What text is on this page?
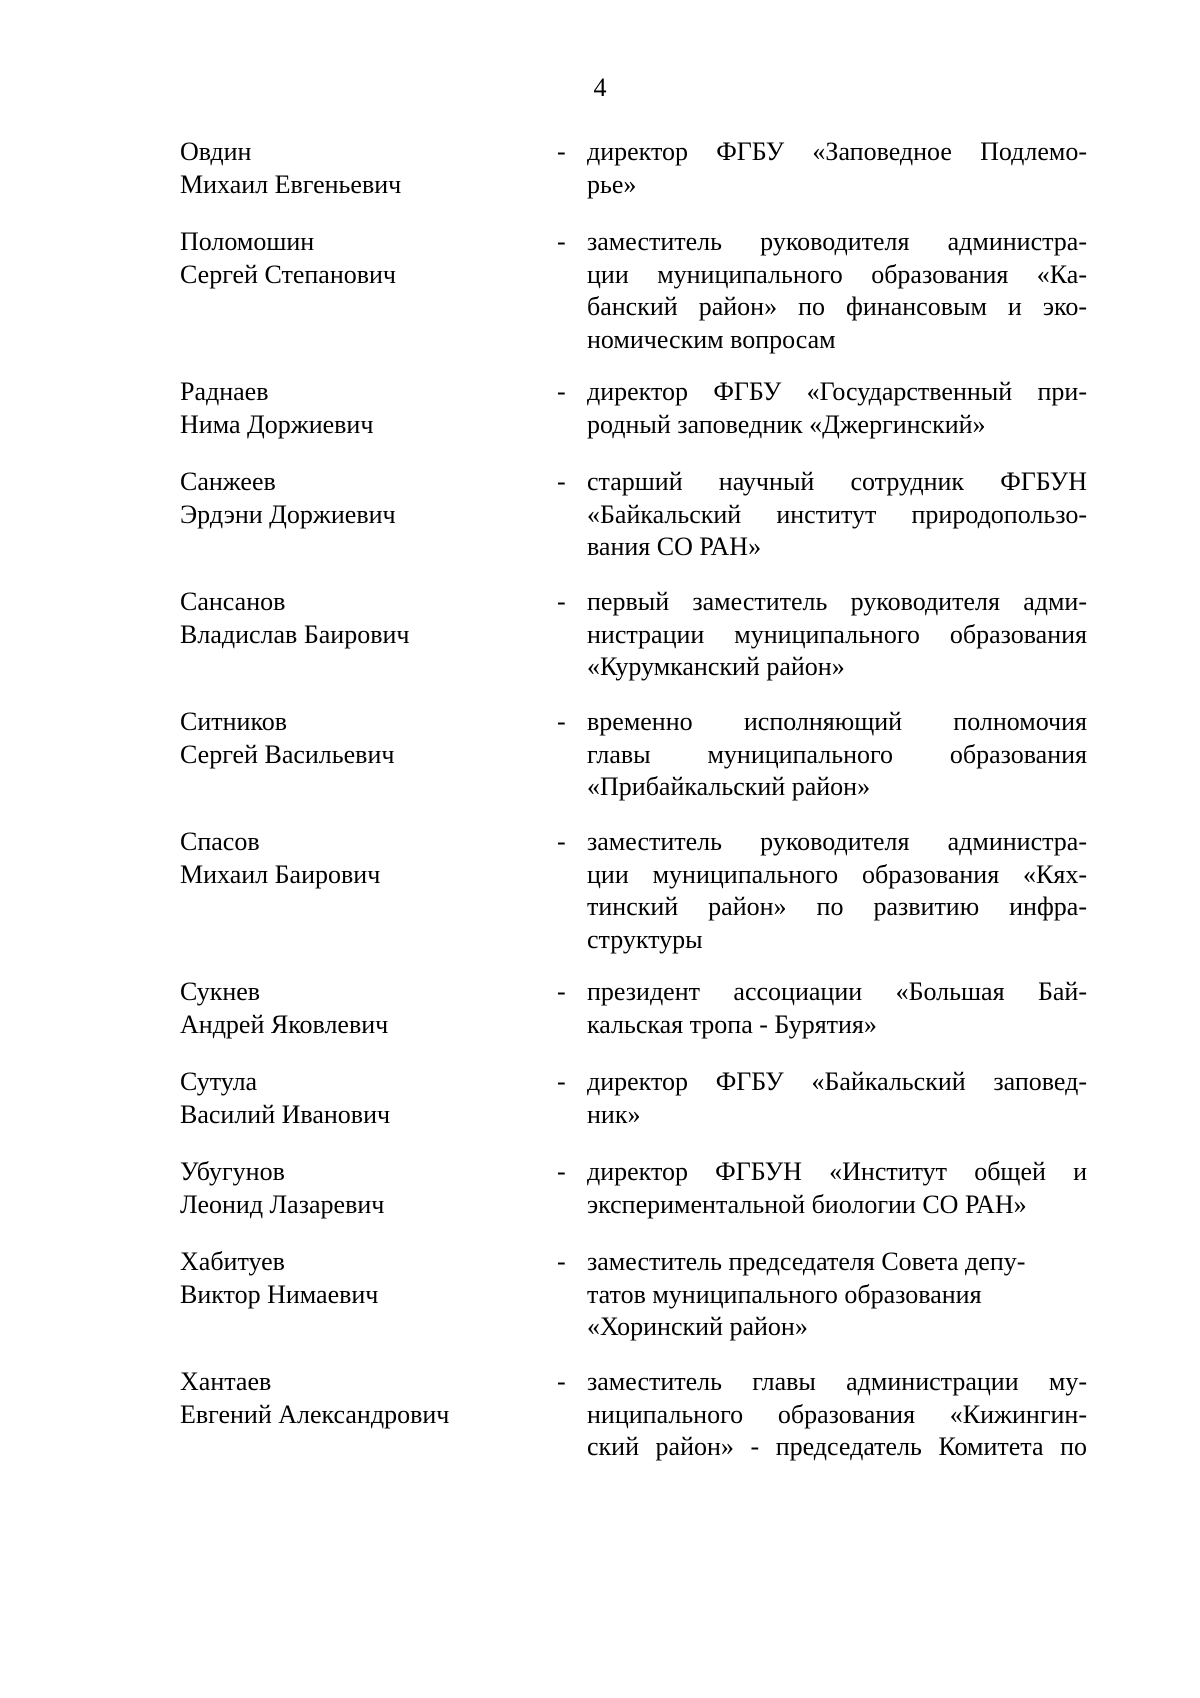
4
Овдин
Михаил Евгеньевич
- директор ФГБУ «Заповедное Подлемо-
рье»
Поломошин
Сергей Степанович
- заместитель руководителя администра-
ции муниципального образования «Ка-
банский район» по финансовым и эко-
номическим вопросам
Раднаев
Нима Доржиевич
- директор ФГБУ «Государственный при-
родный заповедник «Джергинский»
Санжеев
Эрдэни Доржиевич
- старший научный сотрудник ФГБУН
«Байкальский институт природопользо-
вания СО РАН»
Сансанов
Владислав Баирович
- первый заместитель руководителя адми-
нистрации муниципального образования
«Курумканский район»
Ситников
Сергей Васильевич
- временно исполняющий полномочия
главы муниципального образования
«Прибайкальский район»
Спасов
Михаил Баирович
- заместитель руководителя администра-
ции муниципального образования «Кях-
тинский район» по развитию инфра-
структуры
Сукнев
Андрей Яковлевич
- президент ассоциации «Большая Бай-
кальская тропа - Бурятия»
Сутула
Василий Иванович
- директор ФГБУ «Байкальский заповед-
ник»
Убугунов
Леонид Лазаревич
- директор ФГБУН «Институт общей и
экспериментальной биологии СО РАН»
Хабитуев
Виктор Нимаевич
- заместитель председателя Совета депу-
татов муниципального образования
«Хоринский район»
Хантаев
Евгений Александрович
- заместитель главы администрации му-
ниципального образования «Кижингин-
ский район» - председатель Комитета по
